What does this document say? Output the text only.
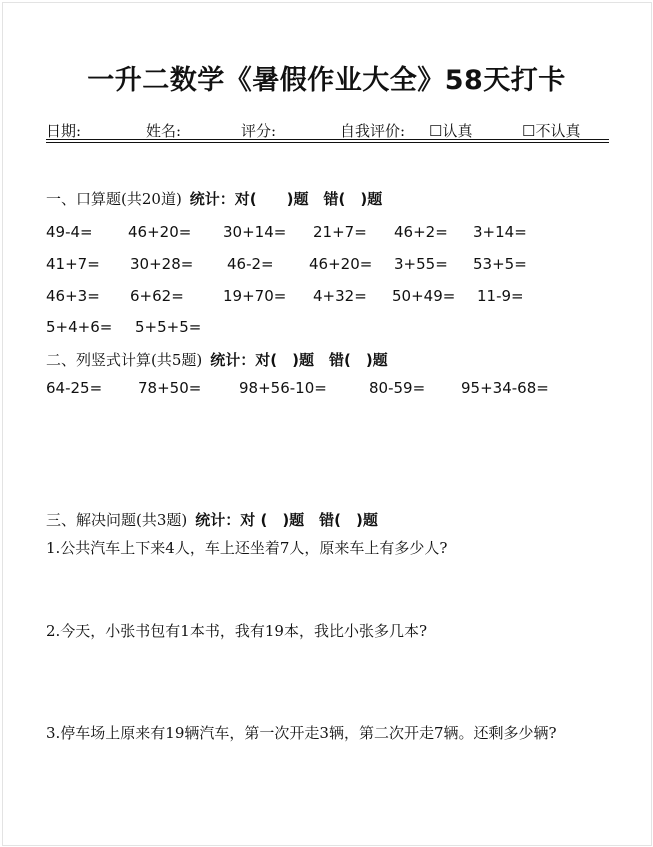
一升二数学《暑假作业大全》58天打卡
日期:	姓名:	评分:	自我评价: ☐认真	☐不认真
一、口算题(共20道) 统计：对(　　)题　错(　)题
49-4= 46+20= 30+14= 21+7= 46+2= 3+14=
41+7= 30+28= 46-2= 46+20= 3+55= 53+5=
46+3= 6+62=	19+70= 4+32= 50+49= 11-9=
5+4+6= 5+5+5=
二、列竖式计算(共5题) 统计：对(　)题　错(　)题
64-25= 78+50=	98+56-10=	80-59= 95+34-68=
三、解决问题(共3题) 统计：对 (　)题　错(　)题
1.公共汽车上下来4人，车上还坐着7人，原来车上有多少人?
2.今天，小张书包有1本书，我有19本，我比小张多几本?
3.停车场上原来有19辆汽车，第一次开走3辆，第二次开走7辆。还剩多少辆?
